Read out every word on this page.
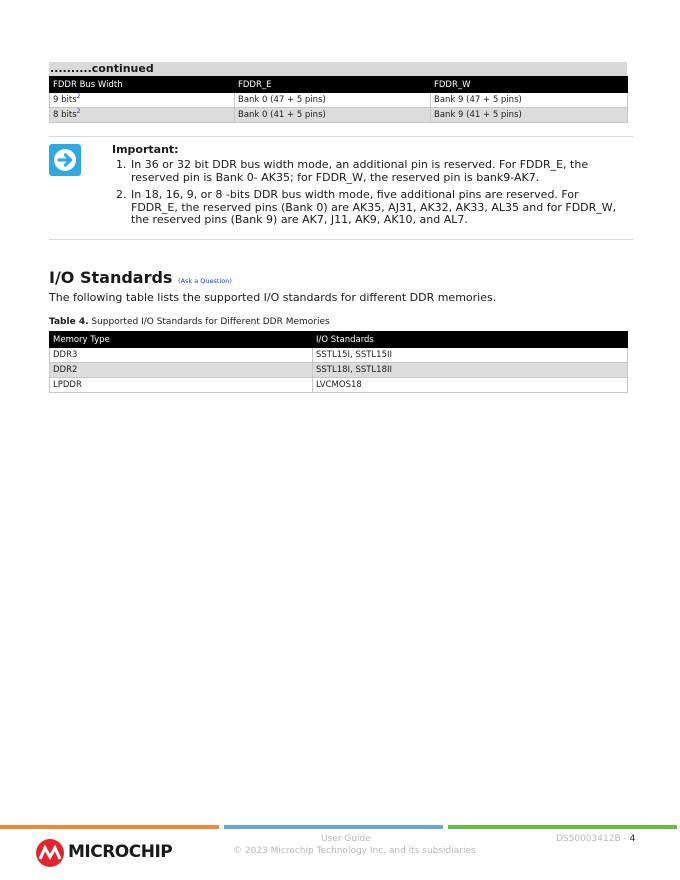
..........continued
FDDR Bus Width	FDDR_E	FDDR_W
9 bits$^2$	Bank 0 (47 + 5 pins)	Bank 9 (47 + 5 pins)
8 bits$^2$	Bank 0 (41 + 5 pins)	Bank 9 (41 + 5 pins)
Important:
1. In 36 or 32 bit DDR bus width mode, an additional pin is reserved. For FDDR_E, the reserved pin is Bank 0- AK35; for FDDR_W, the reserved pin is bank9-AK7.
2. In 18, 16, 9, or 8 -bits DDR bus width mode, five additional pins are reserved. For FDDR_E, the reserved pins (Bank 0) are AK35, AJ31, AK32, AK33, AL35 and for FDDR_W, the reserved pins (Bank 9) are AK7, J11, AK9, AK10, and AL7.
I/O Standards (Ask a Question)
The following table lists the supported I/O standards for different DDR memories.
Table 4. Supported I/O Standards for Different DDR Memories
Memory Type	I/O Standards
DDR3	SSTL15I, SSTL15II
DDR2	SSTL18I, SSTL18II
LPDDR	LVCMOS18
MICROCHIP
User Guide
© 2023 Microchip Technology Inc. and its subsidiaries
DS50003412B - 4
